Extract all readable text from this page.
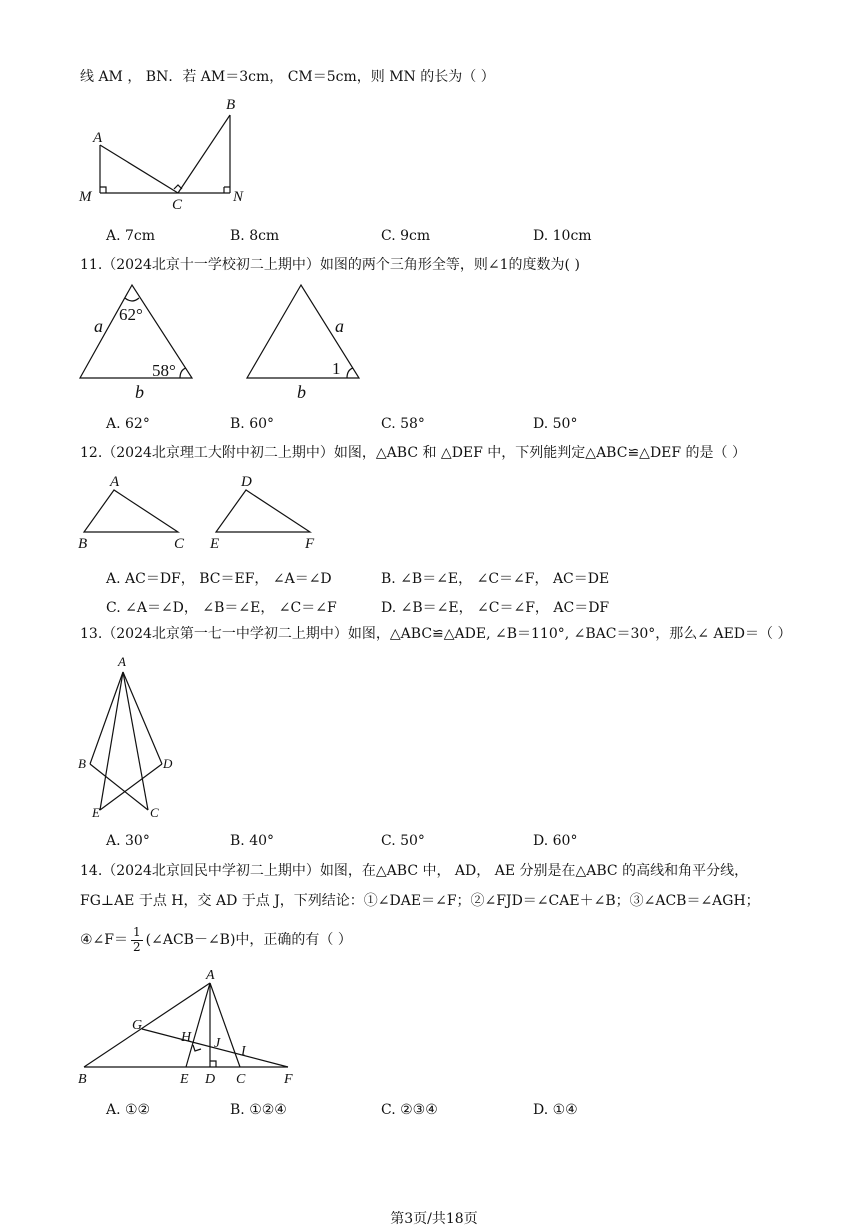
线 AM ， BN．若 AM＝3cm， CM＝5cm，则 MN 的长为（ ）
A
B
C
M	N
A. 7cm	B. 8cm	C. 9cm	D. 10cm
11.（2024北京十一学校初二上期中）如图的两个三角形全等，则∠1的度数为( )
a
b
62°
58°
a
b
1
A. 62°	B. 60°	C. 58°	D. 50°
12.（2024北京理工大附中初二上期中）如图，△ABC 和 △DEF 中，下列能判定△ABC≌△DEF 的是（ ）
A
B	C
D
E	F
A. AC＝DF， BC＝EF， ∠A＝∠D	B. ∠B＝∠E， ∠C＝∠F， AC＝DE
C. ∠A＝∠D， ∠B＝∠E， ∠C＝∠F	D. ∠B＝∠E， ∠C＝∠F， AC＝DF
13.（2024北京第一七一中学初二上期中）如图，△ABC≌△ADE, ∠B＝110°, ∠BAC＝30°，那么∠ AED＝（ ）
A
B	D
E	C
A. 30°	B. 40°	C. 50°	D. 60°
14.（2024北京回民中学初二上期中）如图，在△ABC 中， AD， AE 分别是在△ABC 的高线和角平分线，
FG⊥AE 于点 H，交 AD 于点 J，下列结论：①∠DAE＝∠F；②∠FJD＝∠CAE＋∠B；③∠ACB＝∠AGH；
④∠F＝ $\frac{1}{2}$ (∠ACB－∠B)中，正确的有（ ）
A
B	E D C	F
G
H J
I
A. ①②	B. ①②④	C. ②③④	D. ①④
第3页/共18页
